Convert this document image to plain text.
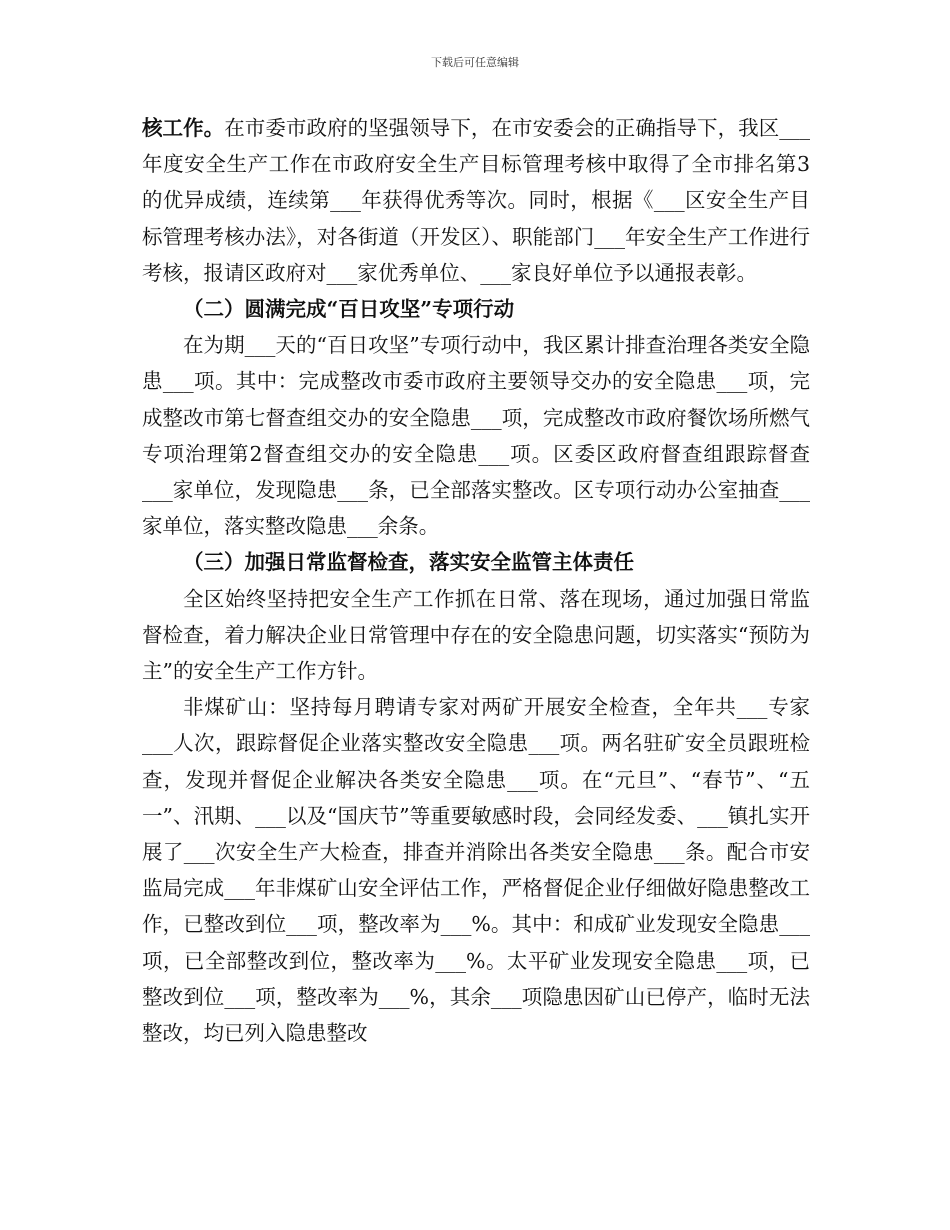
下载后可任意编辑

核工作。在市委市政府的坚强领导下，在市安委会的正确指导下，我区___年度安全生产工作在市政府安全生产目标管理考核中取得了全市排名第3的优异成绩，连续第___年获得优秀等次。同时，根据《___区安全生产目标管理考核办法》，对各街道（开发区）、职能部门___年安全生产工作进行考核，报请区政府对___家优秀单位、___家良好单位予以通报表彰。

（二）圆满完成“百日攻坚”专项行动

在为期___天的“百日攻坚”专项行动中，我区累计排查治理各类安全隐患___项。其中：完成整改市委市政府主要领导交办的安全隐患___项，完成整改市第七督查组交办的安全隐患___项，完成整改市政府餐饮场所燃气专项治理第2督查组交办的安全隐患___项。区委区政府督查组跟踪督查___家单位，发现隐患___条，已全部落实整改。区专项行动办公室抽查___家单位，落实整改隐患___余条。

（三）加强日常监督检查，落实安全监管主体责任

全区始终坚持把安全生产工作抓在日常、落在现场，通过加强日常监督检查，着力解决企业日常管理中存在的安全隐患问题，切实落实“预防为主”的安全生产工作方针。

非煤矿山：坚持每月聘请专家对两矿开展安全检查，全年共___专家___人次，跟踪督促企业落实整改安全隐患___项。两名驻矿安全员跟班检查，发现并督促企业解决各类安全隐患___项。在“元旦”、“春节”、“五一”、汛期、___以及“国庆节”等重要敏感时段，会同经发委、___镇扎实开展了___次安全生产大检查，排查并消除出各类安全隐患___条。配合市安监局完成___年非煤矿山安全评估工作，严格督促企业仔细做好隐患整改工作，已整改到位___项，整改率为___%。其中：和成矿业发现安全隐患___项，已全部整改到位，整改率为___%。太平矿业发现安全隐患___项，已整改到位___项，整改率为___%，其余___项隐患因矿山已停产，临时无法整改，均已列入隐患整改
